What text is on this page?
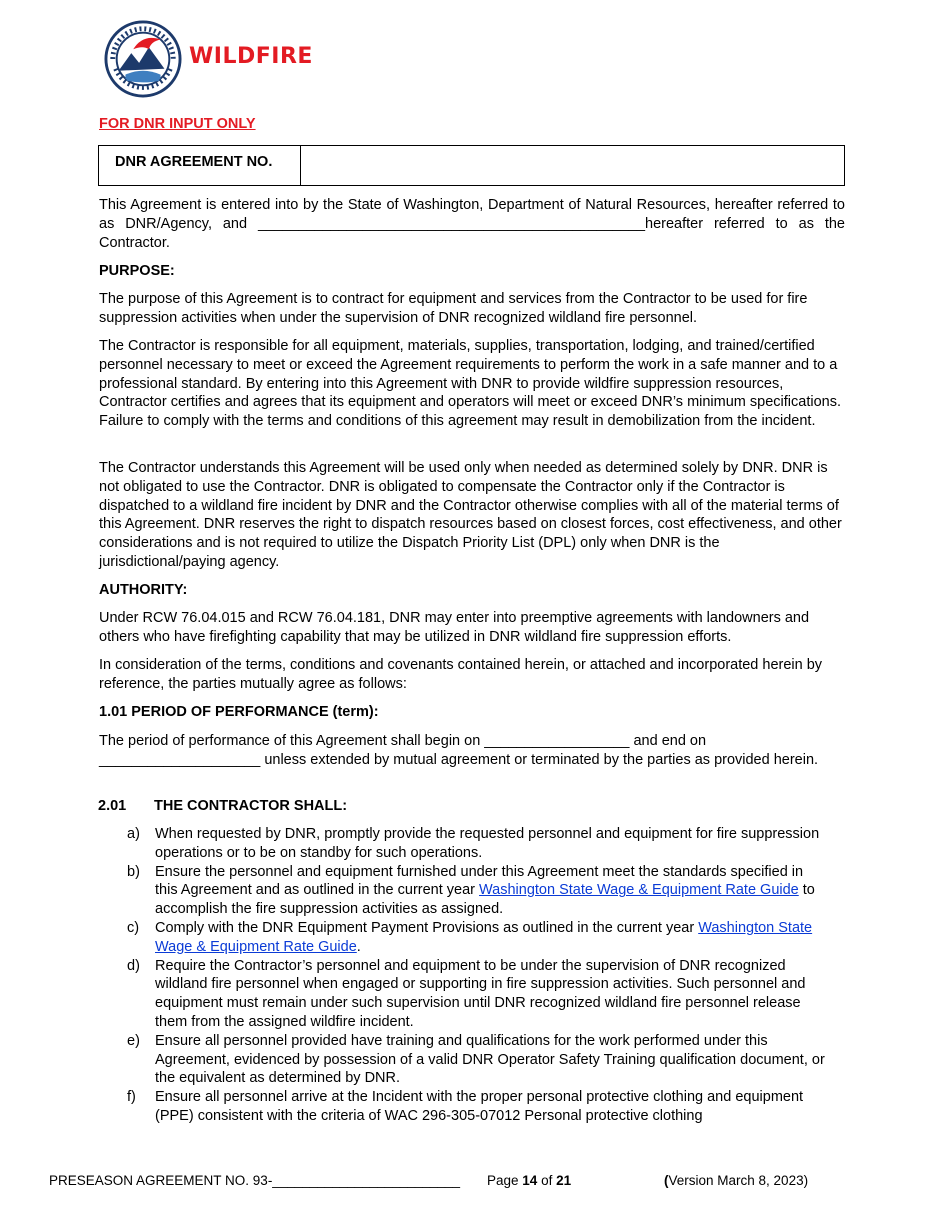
WILDFIRE
FOR DNR INPUT ONLY
DNR AGREEMENT NO.
This Agreement is entered into by the State of Washington, Department of Natural Resources, hereafter referred to as DNR/Agency, and ________________________________________________hereafter referred to as the Contractor.
PURPOSE:
The purpose of this Agreement is to contract for equipment and services from the Contractor to be used for fire suppression activities when under the supervision of DNR recognized wildland fire personnel.
The Contractor is responsible for all equipment, materials, supplies, transportation, lodging, and trained/certified personnel necessary to meet or exceed the Agreement requirements to perform the work in a safe manner and to a professional standard. By entering into this Agreement with DNR to provide wildfire suppression resources, Contractor certifies and agrees that its equipment and operators will meet or exceed DNR’s minimum specifications. Failure to comply with the terms and conditions of this agreement may result in demobilization from the incident.
The Contractor understands this Agreement will be used only when needed as determined solely by DNR. DNR is not obligated to use the Contractor. DNR is obligated to compensate the Contractor only if the Contractor is dispatched to a wildland fire incident by DNR and the Contractor otherwise complies with all of the material terms of this Agreement. DNR reserves the right to dispatch resources based on closest forces, cost effectiveness, and other considerations and is not required to utilize the Dispatch Priority List (DPL) only when DNR is the jurisdictional/paying agency.
AUTHORITY:
Under RCW 76.04.015 and RCW 76.04.181, DNR may enter into preemptive agreements with landowners and others who have firefighting capability that may be utilized in DNR wildland fire suppression efforts.
In consideration of the terms, conditions and covenants contained herein, or attached and incorporated herein by reference, the parties mutually agree as follows:
1.01 PERIOD OF PERFORMANCE (term):
The period of performance of this Agreement shall begin on __________________ and end on ____________________ unless extended by mutual agreement or terminated by the parties as provided herein.
2.01 THE CONTRACTOR SHALL:
a) When requested by DNR, promptly provide the requested personnel and equipment for fire suppression operations or to be on standby for such operations.
b) Ensure the personnel and equipment furnished under this Agreement meet the standards specified in this Agreement and as outlined in the current year Washington State Wage & Equipment Rate Guide to accomplish the fire suppression activities as assigned.
c) Comply with the DNR Equipment Payment Provisions as outlined in the current year Washington State Wage & Equipment Rate Guide.
d) Require the Contractor’s personnel and equipment to be under the supervision of DNR recognized wildland fire personnel when engaged or supporting in fire suppression activities. Such personnel and equipment must remain under such supervision until DNR recognized wildland fire personnel release them from the assigned wildfire incident.
e) Ensure all personnel provided have training and qualifications for the work performed under this Agreement, evidenced by possession of a valid DNR Operator Safety Training qualification document, or the equivalent as determined by DNR.
f) Ensure all personnel arrive at the Incident with the proper personal protective clothing and equipment (PPE) consistent with the criteria of WAC 296-305-07012 Personal protective clothing
PRESEASON AGREEMENT NO. 93-_________________________ Page 14 of 21	(Version March 8, 2023)
